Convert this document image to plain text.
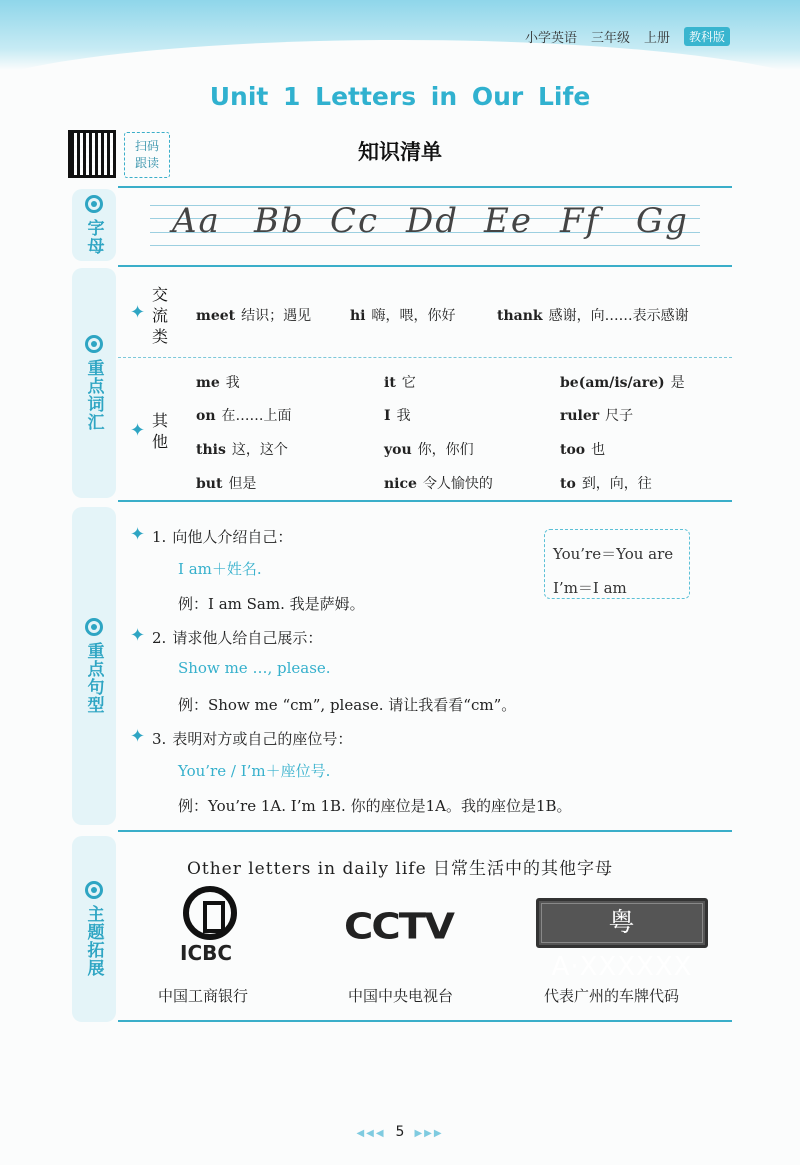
小学英语 三年级 上册	教科版
Unit 1 Letters in Our Life
扫码
跟读	知识清单
字母
重点词汇
重点句型
主题拓展
Aa Bb Cc Dd Ee Ff Gg
✦
交流类
meet 结识；遇见	hi 嗨，喂，你好	thank 感谢，向……表示感谢
✦ 其他
me 我	it 它	be(am/is/are) 是
on 在……上面	I 我	ruler 尺子
this 这，这个	you 你，你们	too 也
but 但是	nice 令人愉快的	to 到，向，往
✦ 1. 向他人介绍自己：
I am＋姓名.
例：I am Sam. 我是萨姆。
✦ 2. 请求他人给自己展示：
Show me …, please.
例：Show me “cm”, please. 请让我看看“cm”。
✦ 3. 表明对方或自己的座位号：
You’re / I’m＋座位号.
例：You’re 1A. I’m 1B. 你的座位是1A。我的座位是1B。
You’re＝You are
I’m＝I am
Other letters in daily life 日常生活中的其他字母
ICBC
CCTV	粤A·XXXXXX
中国工商银行	中国中央电视台	代表广州的车牌代码
◀◀◀ 5 ▶▶▶
